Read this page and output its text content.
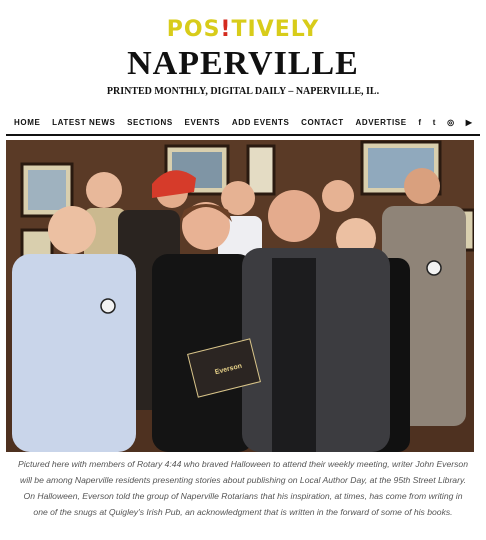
POS!TIVELY
NAPERVILLE
PRINTED MONTHLY, DIGITAL DAILY – NAPERVILLE, IL.
HOME LATEST NEWS SECTIONS EVENTS ADD EVENTS CONTACT ADVERTISE f t ◎ ▶
Everson
Pictured here with members of Rotary 4:44 who braved Halloween to attend their weekly meeting, writer John Everson will be among Naperville residents presenting stories about publishing on Local Author Day, at the 95th Street Library. On Halloween, Everson told the group of Naperville Rotarians that his inspiration, at times, has come from writing in one of the snugs at Quigley's Irish Pub, an acknowledgment that is written in the forward of some of his books.
